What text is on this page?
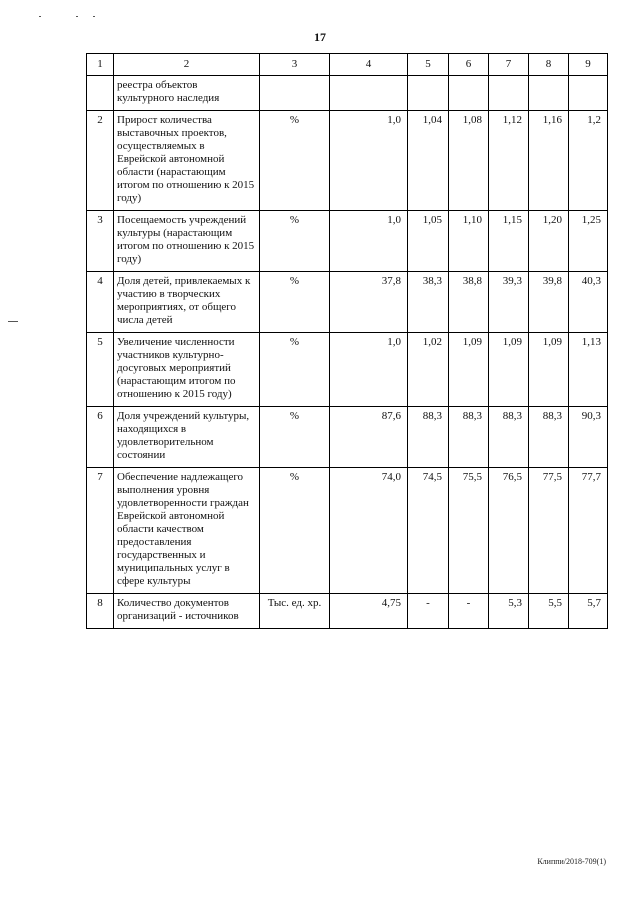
17
1	2	3	4	5	6	7	8	9
	реестра объектов культурного наследия							
2	Прирост количества выставочных проектов, осуществляемых в Еврейской автономной области (нарастающим итогом по отношению к 2015 году)	%	1,0	1,04	1,08	1,12	1,16	1,2
3	Посещаемость учреждений культуры (нарастающим итогом по отношению к 2015 году)	%	1,0	1,05	1,10	1,15	1,20	1,25
4	Доля детей, привлекаемых к участию в творческих мероприятиях, от общего числа детей	%	37,8	38,3	38,8	39,3	39,8	40,3
5	Увеличение численности участников культурно-досуговых мероприятий (нарастающим итогом по отношению к 2015 году)	%	1,0	1,02	1,09	1,09	1,09	1,13
6	Доля учреждений культуры, находящихся в удовлетворительном состоянии	%	87,6	88,3	88,3	88,3	88,3	90,3
7	Обеспечение надлежащего выполнения уровня удовлетворенности граждан Еврейской автономной области качеством предоставления государственных и муниципальных услуг в сфере культуры	%	74,0	74,5	75,5	76,5	77,5	77,7
8	Количество документов организаций - источников	Тыс. ед. хр.	4,75	-	-	5,3	5,5	5,7
Клиппи/2018-709(1)
